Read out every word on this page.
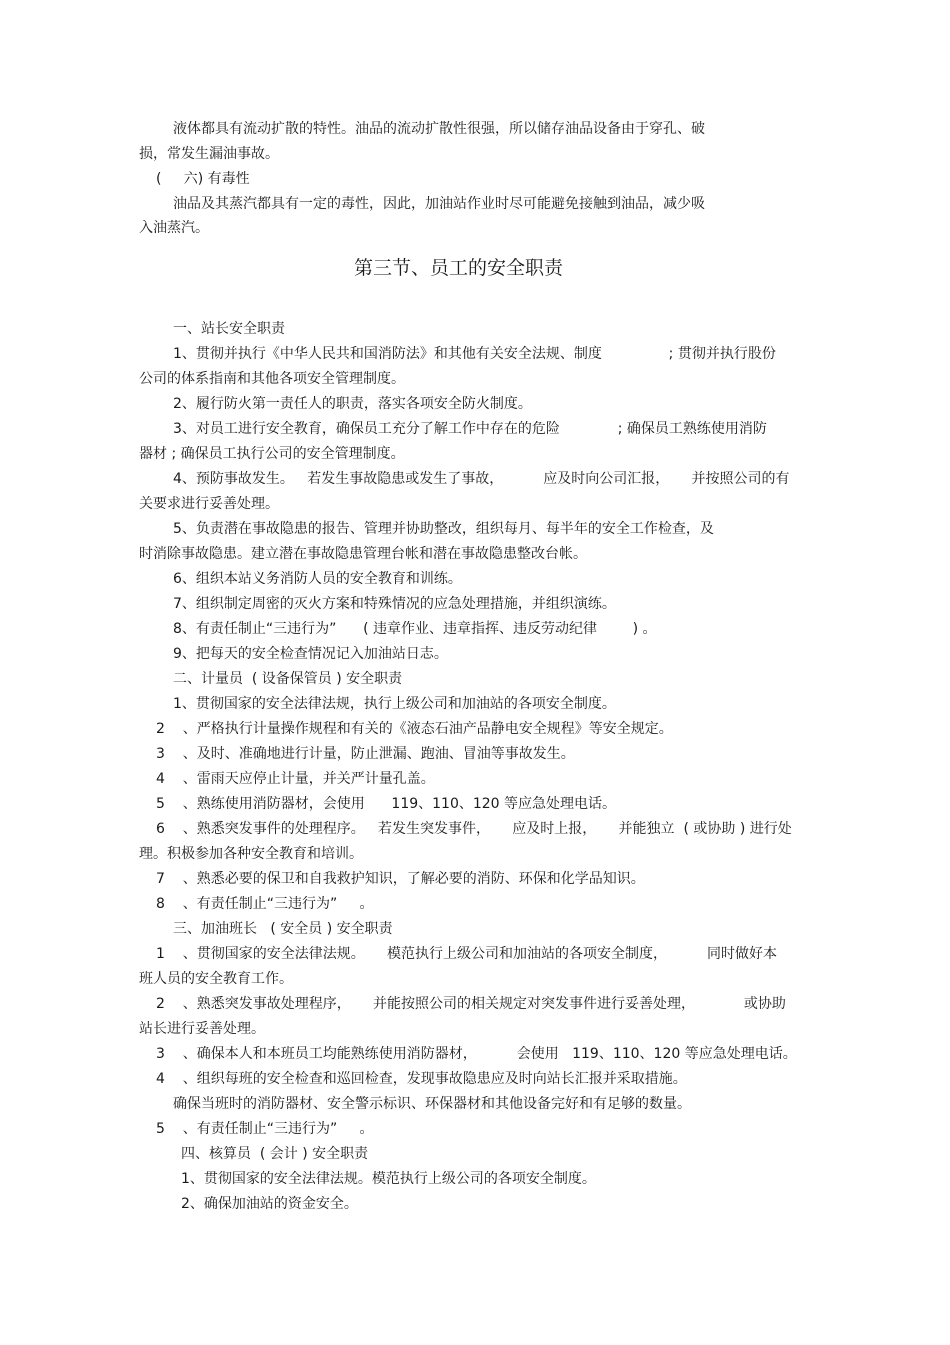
液体都具有流动扩散的特性。油品的流动扩散性很强，所以储存油品设备由于穿孔、破

损，常发生漏油事故。

(     六) 有毒性

油品及其蒸汽都具有一定的毒性，因此，加油站作业时尽可能避免接触到油品，减少吸

入油蒸汽。

第三节、员工的安全职责

一、站长安全职责

1、贯彻并执行《中华人民共和国消防法》和其他有关安全法规、制度               ; 贯彻并执行股份

公司的体系指南和其他各项安全管理制度。

2、履行防火第一责任人的职责，落实各项安全防火制度。

3、对员工进行安全教育，确保员工充分了解工作中存在的危险             ; 确保员工熟练使用消防

器材 ; 确保员工执行公司的安全管理制度。

4、预防事故发生。   若发生事故隐患或发生了事故，         应及时向公司汇报，     并按照公司的有

关要求进行妥善处理。

5、负责潜在事故隐患的报告、管理并协助整改，组织每月、每半年的安全工作检查，及

时消除事故隐患。建立潜在事故隐患管理台帐和潜在事故隐患整改台帐。

6、组织本站义务消防人员的安全教育和训练。

7、组织制定周密的灭火方案和特殊情况的应急处理措施，并组织演练。

8、有责任制止“三违行为”      ( 违章作业、违章指挥、违反劳动纪律        ) 。

9、把每天的安全检查情况记入加油站日志。

二、计量员  ( 设备保管员 ) 安全职责

1、贯彻国家的安全法律法规，执行上级公司和加油站的各项安全制度。

2    、严格执行计量操作规程和有关的《液态石油产品静电安全规程》等安全规定。

3    、及时、准确地进行计量，防止泄漏、跑油、冒油等事故发生。

4    、雷雨天应停止计量，并关严计量孔盖。

5    、熟练使用消防器材，会使用      119、110、120 等应急处理电话。

6    、熟悉突发事件的处理程序。   若发生突发事件，     应及时上报，     并能独立  ( 或协助 ) 进行处

理。积极参加各种安全教育和培训。

7    、熟悉必要的保卫和自我救护知识，了解必要的消防、环保和化学品知识。

8    、有责任制止“三违行为”     。

三、加油班长   ( 安全员 ) 安全职责

1    、贯彻国家的安全法律法规。     模范执行上级公司和加油站的各项安全制度，         同时做好本

班人员的安全教育工作。

2    、熟悉突发事故处理程序，     并能按照公司的相关规定对突发事件进行妥善处理，           或协助

站长进行妥善处理。

3    、确保本人和本班员工均能熟练使用消防器材，         会使用   119、110、120 等应急处理电话。

4    、组织每班的安全检查和巡回检查，发现事故隐患应及时向站长汇报并采取措施。

确保当班时的消防器材、安全警示标识、环保器材和其他设备完好和有足够的数量。

5    、有责任制止“三违行为”     。

四、核算员  ( 会计 ) 安全职责

1、贯彻国家的安全法律法规。模范执行上级公司的各项安全制度。

2、确保加油站的资金安全。
